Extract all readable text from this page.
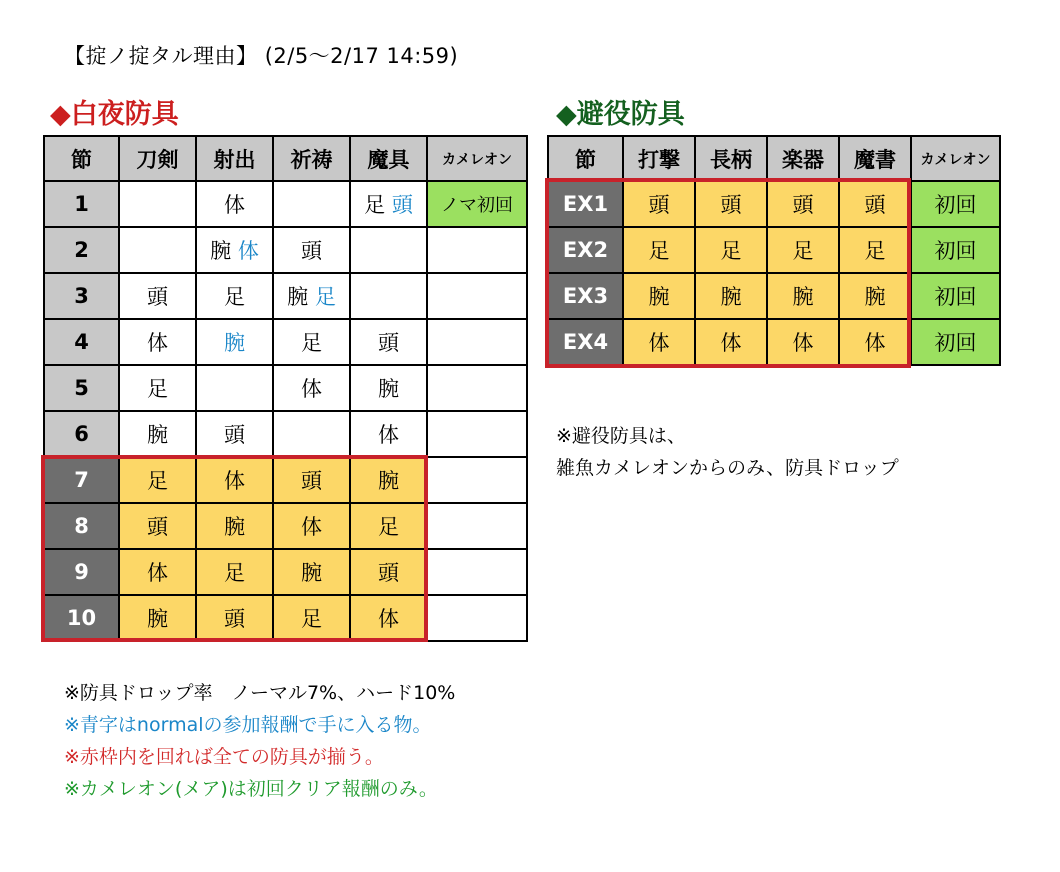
【掟ノ掟タル理由】 (2/5〜2/17 14:59)
◆白夜防具	◆避役防具
節	刀剣	射出	祈祷	魔具	カメレオン
1		体		足 頭	ノマ初回
2		腕 体	頭		
3	頭	足	腕 足		
4	体	腕	足	頭	
5	足		体	腕	
6	腕	頭		体	
7	足	体	頭	腕	
8	頭	腕	体	足	
9	体	足	腕	頭	
10	腕	頭	足	体	
節	打撃	長柄	楽器	魔書	カメレオン
EX1	頭	頭	頭	頭	初回
EX2	足	足	足	足	初回
EX3	腕	腕	腕	腕	初回
EX4	体	体	体	体	初回
※避役防具は、
雑魚カメレオンからのみ、防具ドロップ
※防具ドロップ率　ノーマル7%、ハード10%
※青字はnormalの参加報酬で手に入る物。
※赤枠内を回れば全ての防具が揃う。
※カメレオン(メア)は初回クリア報酬のみ。
